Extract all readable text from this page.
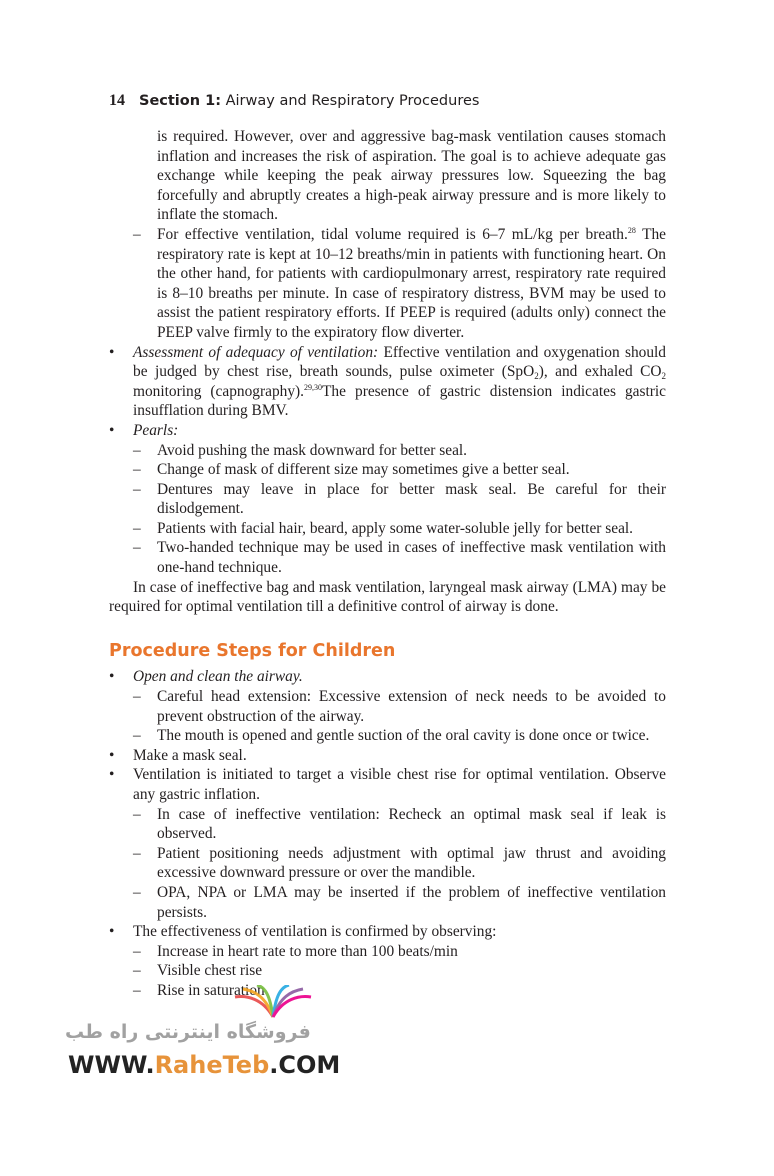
14 Section 1: Airway and Respiratory Procedures
is required. However, over and aggressive bag-mask ventilation causes stomach inflation and increases the risk of aspiration. The goal is to achieve adequate gas exchange while keeping the peak airway pressures low. Squeezing the bag forcefully and abruptly creates a high-peak airway pressure and is more likely to inflate the stomach.
– For effective ventilation, tidal volume required is 6–7 mL/kg per breath.$^{28}$ The respiratory rate is kept at 10–12 breaths/min in patients with functioning heart. On the other hand, for patients with cardiopulmonary arrest, respiratory rate required is 8–10 breaths per minute. In case of respiratory distress, BVM may be used to assist the patient respiratory efforts. If PEEP is required (adults only) connect the PEEP valve firmly to the expiratory flow diverter.
• Assessment of adequacy of ventilation: Effective ventilation and oxygenation should be judged by chest rise, breath sounds, pulse oximeter (SpO$_2$), and exhaled $CO_2$ monitoring (capnography).$^{29,30}$The presence of gastric distension indicates gastric insufflation during BMV.
• Pearls:
– Avoid pushing the mask downward for better seal.
– Change of mask of different size may sometimes give a better seal.
– Dentures may leave in place for better mask seal. Be careful for their dislodgement.
– Patients with facial hair, beard, apply some water-soluble jelly for better seal.
– Two-handed technique may be used in cases of ineffective mask ventilation with one-hand technique.
In case of ineffective bag and mask ventilation, laryngeal mask airway (LMA) may be required for optimal ventilation till a definitive control of airway is done.
Procedure Steps for Children
• Open and clean the airway.
– Careful head extension: Excessive extension of neck needs to be avoided to prevent obstruction of the airway.
– The mouth is opened and gentle suction of the oral cavity is done once or twice.
• Make a mask seal.
• Ventilation is initiated to target a visible chest rise for optimal ventilation. Observe any gastric inflation.
– In case of ineffective ventilation: Recheck an optimal mask seal if leak is observed.
– Patient positioning needs adjustment with optimal jaw thrust and avoiding excessive downward pressure or over the mandible.
– OPA, NPA or LMA may be inserted if the problem of ineffective ventilation persists.
• The effectiveness of ventilation is confirmed by observing:
– Increase in heart rate to more than 100 beats/min
– Visible chest rise
– Rise in saturation
فروشگاه اینترنتی راه طب
WWW.RaheTeb.COM
